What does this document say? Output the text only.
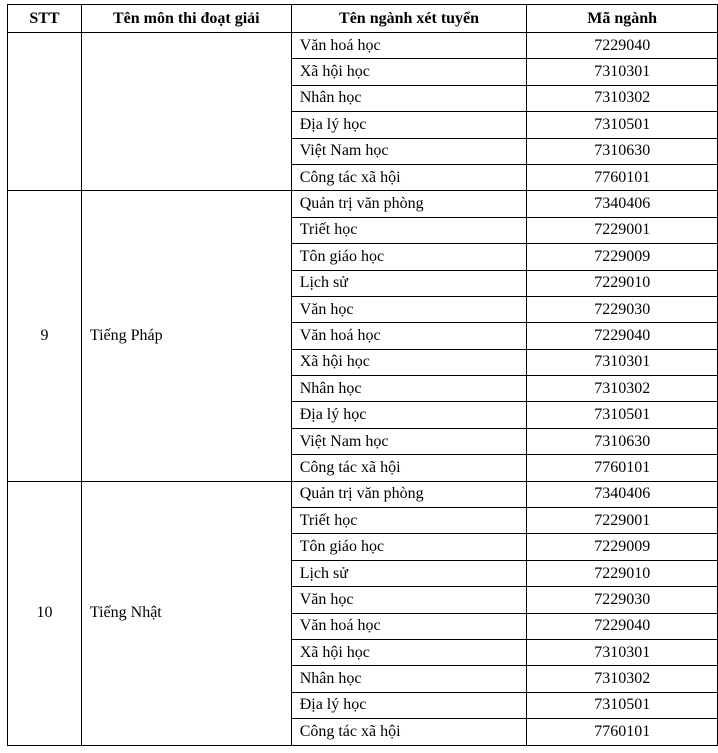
STT	Tên môn thi đoạt giải	Tên ngành xét tuyển	Mã ngành
		Văn hoá học	7229040
		Xã hội học	7310301
		Nhân học	7310302
		Địa lý học	7310501
		Việt Nam học	7310630
		Công tác xã hội	7760101
9	Tiếng Pháp	Quản trị văn phòng	7340406
		Triết học	7229001
		Tôn giáo học	7229009
		Lịch sử	7229010
		Văn học	7229030
		Văn hoá học	7229040
		Xã hội học	7310301
		Nhân học	7310302
		Địa lý học	7310501
		Việt Nam học	7310630
		Công tác xã hội	7760101
10	Tiếng Nhật	Quản trị văn phòng	7340406
		Triết học	7229001
		Tôn giáo học	7229009
		Lịch sử	7229010
		Văn học	7229030
		Văn hoá học	7229040
		Xã hội học	7310301
		Nhân học	7310302
		Địa lý học	7310501
		Công tác xã hội	7760101
